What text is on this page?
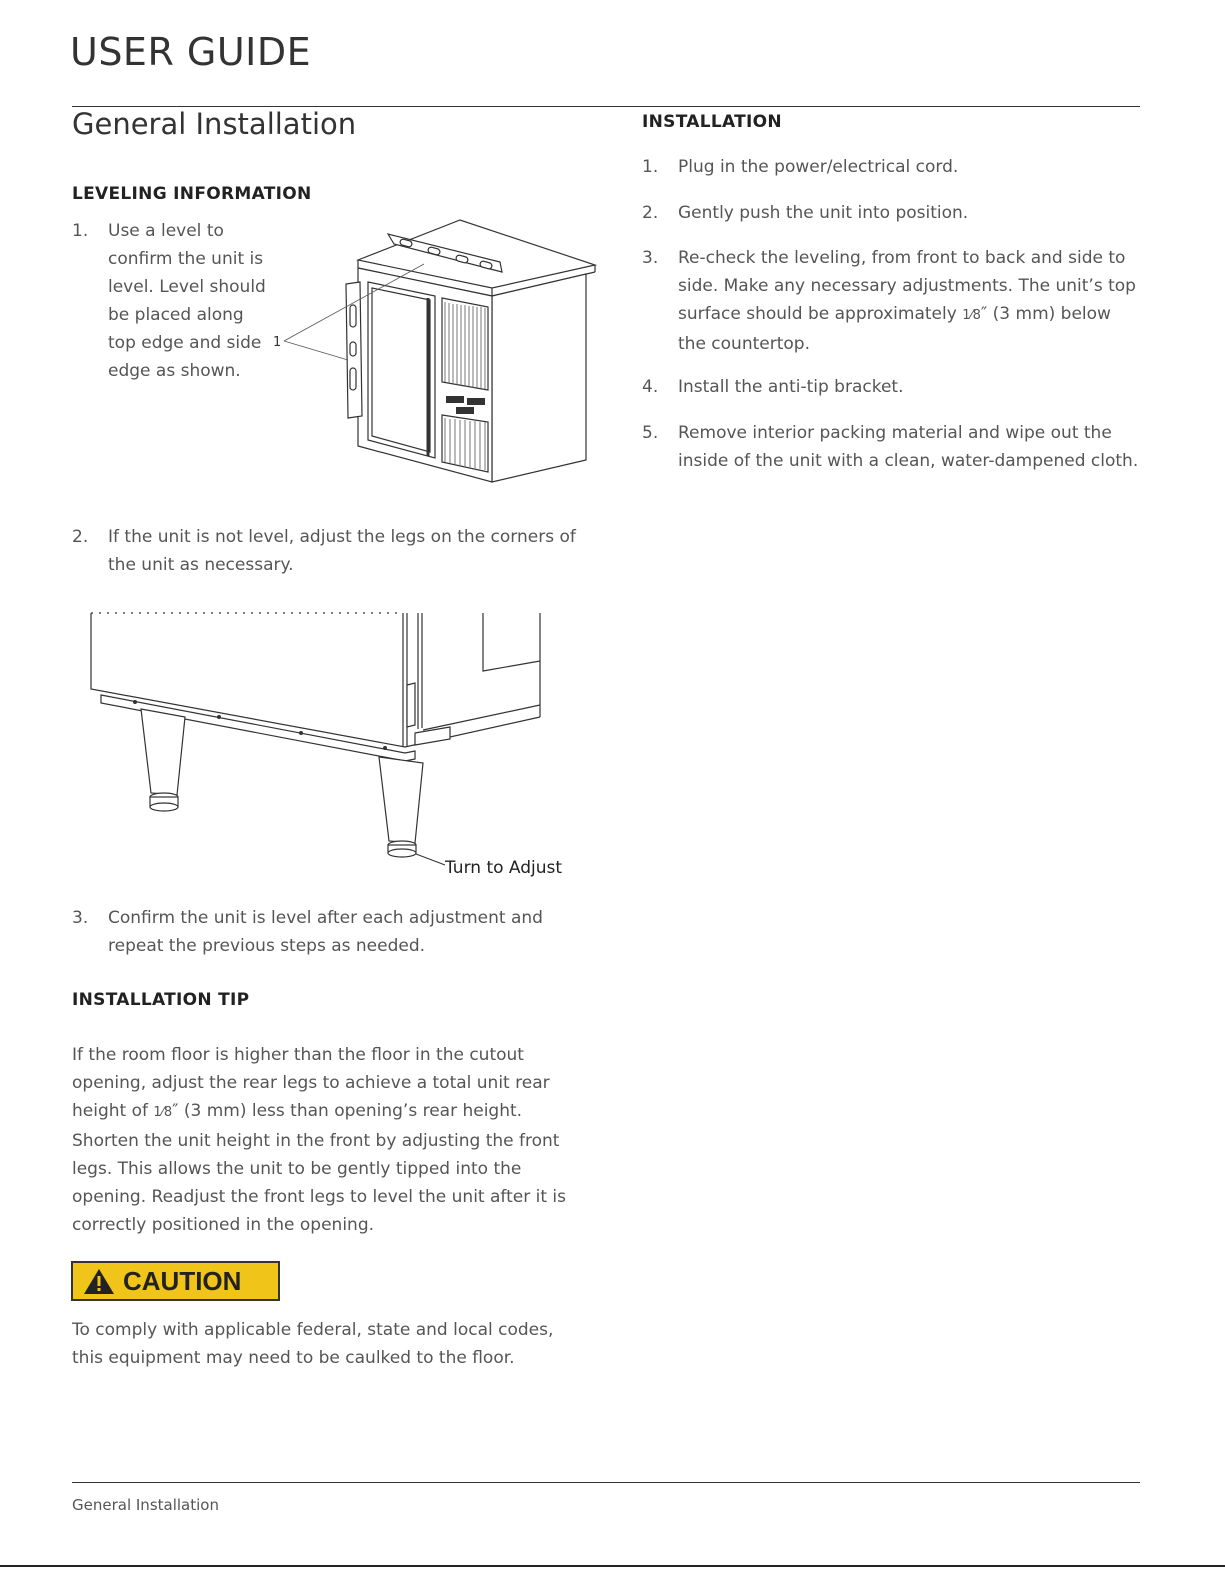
USER GUIDE
General Installation
LEVELING INFORMATION
1. Use a level to
confirm the unit is
level. Level should
be placed along
top edge and side
edge as shown.
1
2. If the unit is not level, adjust the legs on the corners of
the unit as necessary.
Turn to Adjust
3. Confirm the unit is level after each adjustment and
repeat the previous steps as needed.
INSTALLATION TIP
If the room floor is higher than the floor in the cutout
opening, adjust the rear legs to achieve a total unit rear
height of 1⁄8″ (3 mm) less than opening’s rear height.
Shorten the unit height in the front by adjusting the front
legs. This allows the unit to be gently tipped into the
opening. Readjust the front legs to level the unit after it is
correctly positioned in the opening.
CAUTION
To comply with applicable federal, state and local codes,
this equipment may need to be caulked to the floor.
INSTALLATION
1. Plug in the power/electrical cord.
2. Gently push the unit into position.
3. Re-check the leveling, from front to back and side to
side. Make any necessary adjustments. The unit’s top
surface should be approximately 1⁄8″ (3 mm) below
the countertop.
4. Install the anti-tip bracket.
5. Remove interior packing material and wipe out the
inside of the unit with a clean, water-dampened cloth.
General Installation
